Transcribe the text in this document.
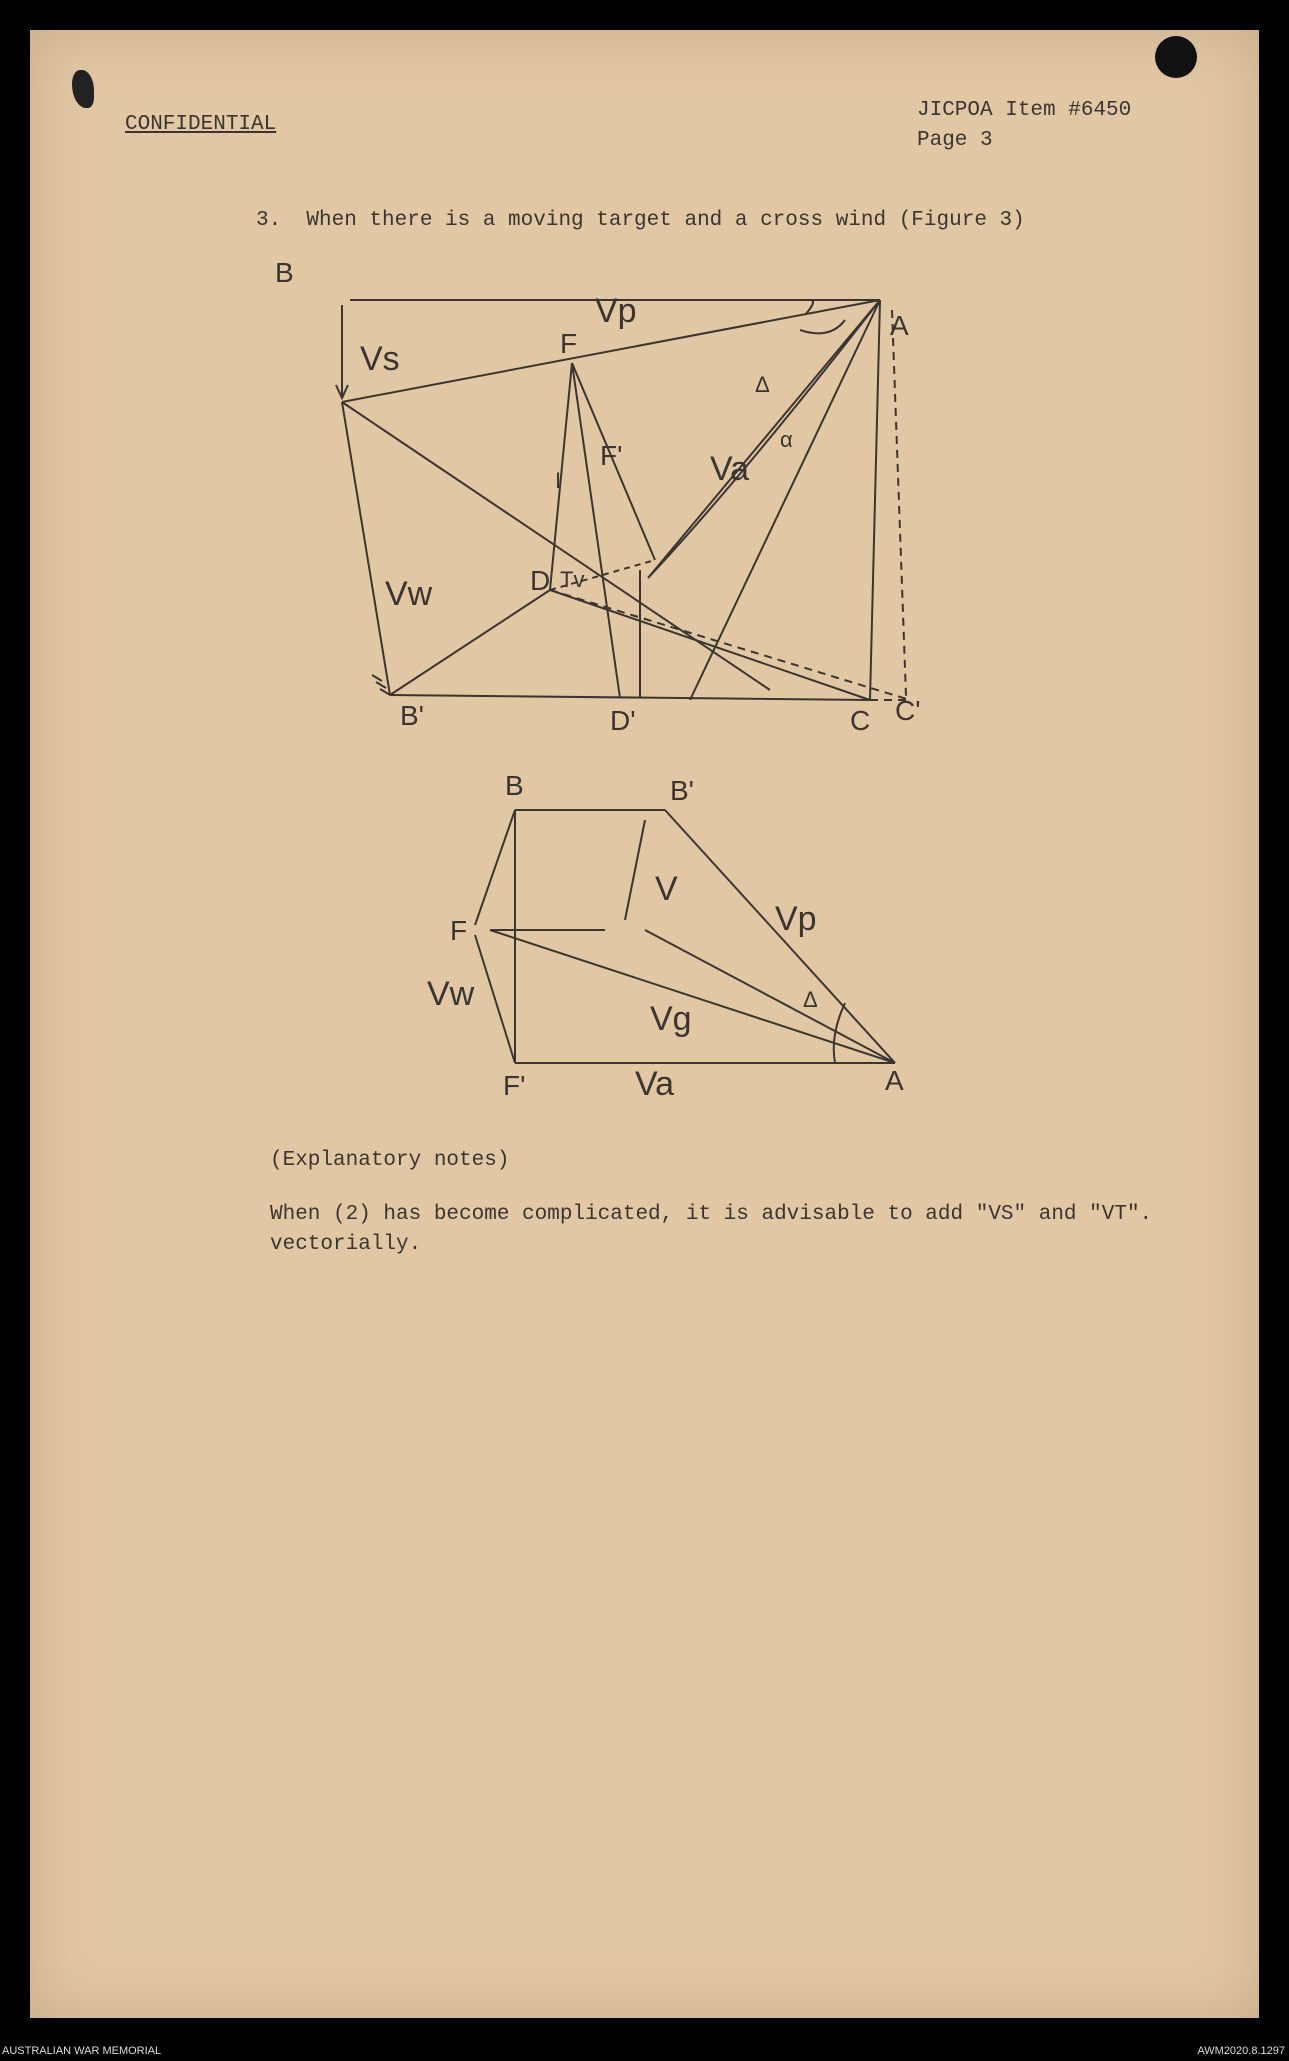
CONFIDENTIAL
JICPOA Item #6450
Page 3
3.  When there is a moving target and a cross wind (Figure 3)
B
A
F
F'
D Tv
B'	D'	C C'
Vp
Vs
Va
Vw
Δ
α
I
B	B'
F
F'	A
V
Vp
Vw
Vg
Va
Δ
(Explanatory notes)
When (2) has become complicated, it is advisable to add "VS" and "VT".
vectorially.
AUSTRALIAN WAR MEMORIAL	AWM2020.8.1297
